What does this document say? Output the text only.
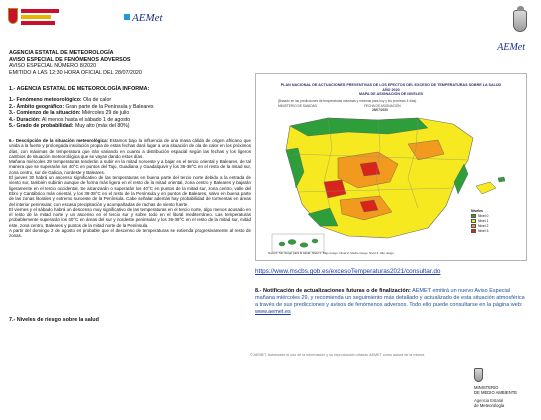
AEMet
AEMet
AGENCIA ESTATAL DE METEOROLOGÍA
AVISO ESPECIAL DE FENÓMENOS ADVERSOS
AVISO ESPECIAL NÚMERO 8/2020
EMITIDO A LAS 12:30 HORA OFICIAL DEL 28/07/2020
1.- AGENCIA ESTATAL DE METEOROLOGÍA INFORMA:
1.- Fenómeno meteorológico: Ola de calor
2.- Ámbito geográfico: Gran parte de la Península y Baleares
3.- Comienzo de la situación: Miércoles 29 de julio
4.- Duración: Al menos hasta el sábado 1 de agosto
5.- Grado de probabilidad: Muy alto (más del 80%)

6.- Descripción de la situación meteorológica: Estamos bajo la influencia de una masa cálida de origen africano que unida a la fuerte y prolongada insolación propia de estas fechas dará lugar a una situación de ola de calor en los próximos días, con máximas de temperatura que irán variando en cuanto a distribución espacial según las fechas y los ligeros cambios de situación meteorológica que se vayan dando estos días.

Mañana miércoles 29 temperaturas tenderán a subir en la mitad noroeste y a bajar en el tercio oriental y Baleares, de tal manera que se superarán los 40°C en puntos del Tajo, Guadiana y Guadalquivir y los 36-38°C en el resto de la mitad sur, zona centro, sur de Galicia, nordeste y Baleares.

El jueves 30 habrá un ascenso significativo de las temperaturas en buena parte del tercio norte debido a la entrada de viento sur, también subirán aunque de forma más ligera en el resto de la mitad oriental, zona centro y Baleares y bajarán ligeramente en el tercio occidental. Se alcanzarán o superarán los 40°C en puntos de la mitad sur, zona centro, valle del Ebro y Cantábrico más oriental, y los 36-38°C en el resto de la Península y en puntos de Baleares, salvo en buena parte de las zonas litorales y extremo suroeste de la Península. Cabe señalar además hay probabilidad de tormentas en áreas del interior peninsular, con escasa precipitación y acompañadas de rachas de viento fuerte.

El viernes y el sábado habrá un descenso muy significativo de las temperaturas en el tercio norte, algo menos acusado en el resto de la mitad norte y un ascenso en el tercio sur y sobre todo en el litoral mediterráneo. Las temperaturas probablemente superarán los 40°C en áreas del sur y nordeste peninsular y los 36-38°C en el resto de la mitad sur, mitad este, zona centro, Baleares y puntos de la mitad norte de la Península.

A partir del domingo 2 de agosto es probable que el descenso de temperaturas se extienda progresivamente al resto de zonas.

7.- Niveles de riesgo sobre la salud
PLAN NACIONAL DE ACTUACIONES PREVENTIVAS DE LOS EFECTOS DEL EXCESO DE TEMPERATURAS SOBRE LA SALUD
AÑO 2020
MAPA DE ASIGNACIÓN DE NIVELES
(Basado en las predicciones de temperaturas máximas y mínimas para hoy y los próximos 4 días)
MINISTERIO DE SANIDAD	FECHA DE ASIGNACIÓN
28/07/2020
Niveles
Nivel 0
Nivel 1
Nivel 2
Nivel 3
Nivel 0: Sin riesgo para la salud. Nivel 1: Bajo riesgo. Nivel 2: Medio riesgo. Nivel 3: Alto riesgo.
https://www.mscbs.gob.es/excesoTemperaturas2021/consultar.do
8.- Notificación de actualizaciones futuras o de finalización: AEMET emitirá un nuevo Aviso Especial mañana miércoles 29, y recomienda un seguimiento más detallado y actualizado de esta situación atmosférica a través de sus predicciones y avisos de fenómenos adversos. Todo ello puede consultarse en la página web: www.aemet.es
© AEMET. Autorizado el uso de la información y su reproducción citando AEMET como autora de la misma.
MINISTERIO
DE MEDIO AMBIENTE
Agencia Estatal
de Meteorología
